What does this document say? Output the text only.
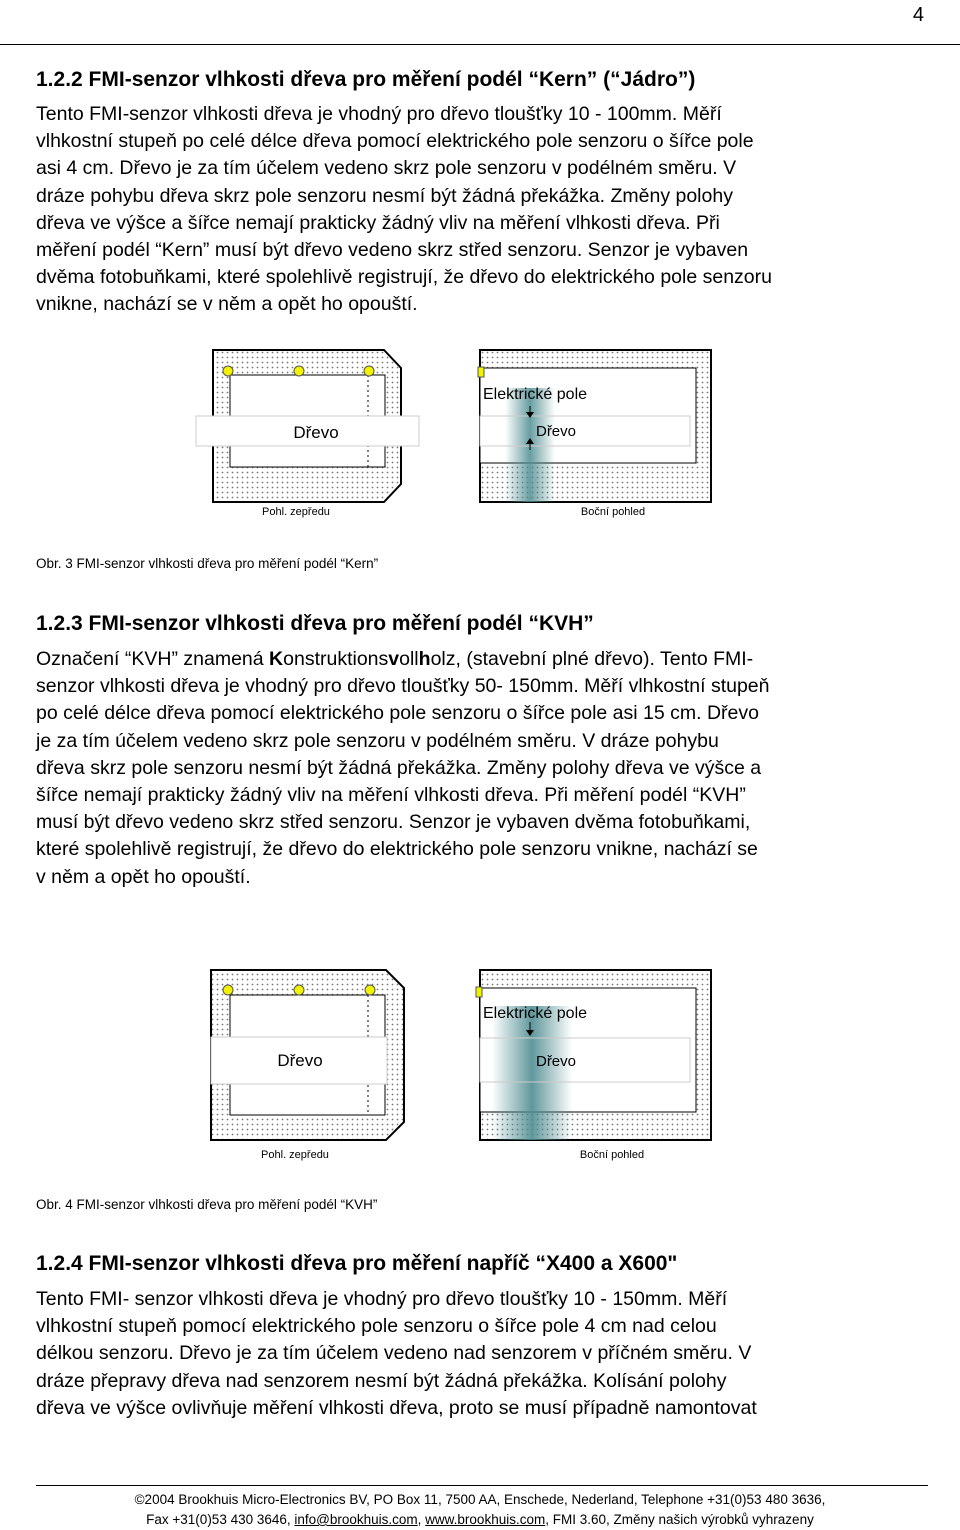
4
1.2.2 FMI-senzor vlhkosti dřeva pro měření podél “Kern” (“Jádro”)

Tento FMI-senzor vlhkosti dřeva je vhodný pro dřevo tloušťky 10 - 100mm. Měří

vlhkostní stupeň po celé délce dřeva pomocí elektrického pole senzoru o šířce pole

asi 4 cm. Dřevo je za tím účelem vedeno skrz pole senzoru v podélném směru. V

dráze pohybu dřeva skrz pole senzoru nesmí být žádná překážka. Změny polohy

dřeva ve výšce a šířce nemají prakticky žádný vliv na měření vlhkosti dřeva. Při

měření podél “Kern” musí být dřevo vedeno skrz střed senzoru. Senzor je vybaven

dvěma fotobuňkami, které spolehlivě registrují, že dřevo do elektrického pole senzoru

vnikne, nachází se v něm a opět ho opouští.

Dřevo
Elektrické pole
Dřevo
Pohl. zepředu	Boční pohled
Obr. 3 FMI-senzor vlhkosti dřeva pro měření podél “Kern”
1.2.3 FMI-senzor vlhkosti dřeva pro měření podél “KVH”

Označení “KVH” znamená Konstruktionsvollholz, (stavební plné dřevo). Tento FMI-

senzor vlhkosti dřeva je vhodný pro dřevo tloušťky 50- 150mm. Měří vlhkostní stupeň

po celé délce dřeva pomocí elektrického pole senzoru o šířce pole asi 15 cm. Dřevo

je za tím účelem vedeno skrz pole senzoru v podélném směru. V dráze pohybu

dřeva skrz pole senzoru nesmí být žádná překážka. Změny polohy dřeva ve výšce a

šířce nemají prakticky žádný vliv na měření vlhkosti dřeva. Při měření podél “KVH”

musí být dřevo vedeno skrz střed senzoru. Senzor je vybaven dvěma fotobuňkami,

které spolehlivě registrují, že dřevo do elektrického pole senzoru vnikne, nachází se

v něm a opět ho opouští.

Dřevo
Elektrické pole
Dřevo
Pohl. zepředu	Boční pohled
Obr. 4 FMI-senzor vlhkosti dřeva pro měření podél “KVH”
1.2.4 FMI-senzor vlhkosti dřeva pro měření napříč “X400 a X600"

Tento FMI- senzor vlhkosti dřeva je vhodný pro dřevo tloušťky 10 - 150mm. Měří

vlhkostní stupeň pomocí elektrického pole senzoru o šířce pole 4 cm nad celou

délkou senzoru. Dřevo je za tím účelem vedeno nad senzorem v příčném směru. V

dráze přepravy dřeva nad senzorem nesmí být žádná překážka. Kolísání polohy

dřeva ve výšce ovlivňuje měření vlhkosti dřeva, proto se musí případně namontovat

©2004 Brookhuis Micro-Electronics BV, PO Box 11, 7500 AA, Enschede, Nederland, Telephone +31(0)53 480 3636,
Fax +31(0)53 430 3646, info@brookhuis.com, www.brookhuis.com, FMI 3.60, Změny našich výrobků vyhrazeny
